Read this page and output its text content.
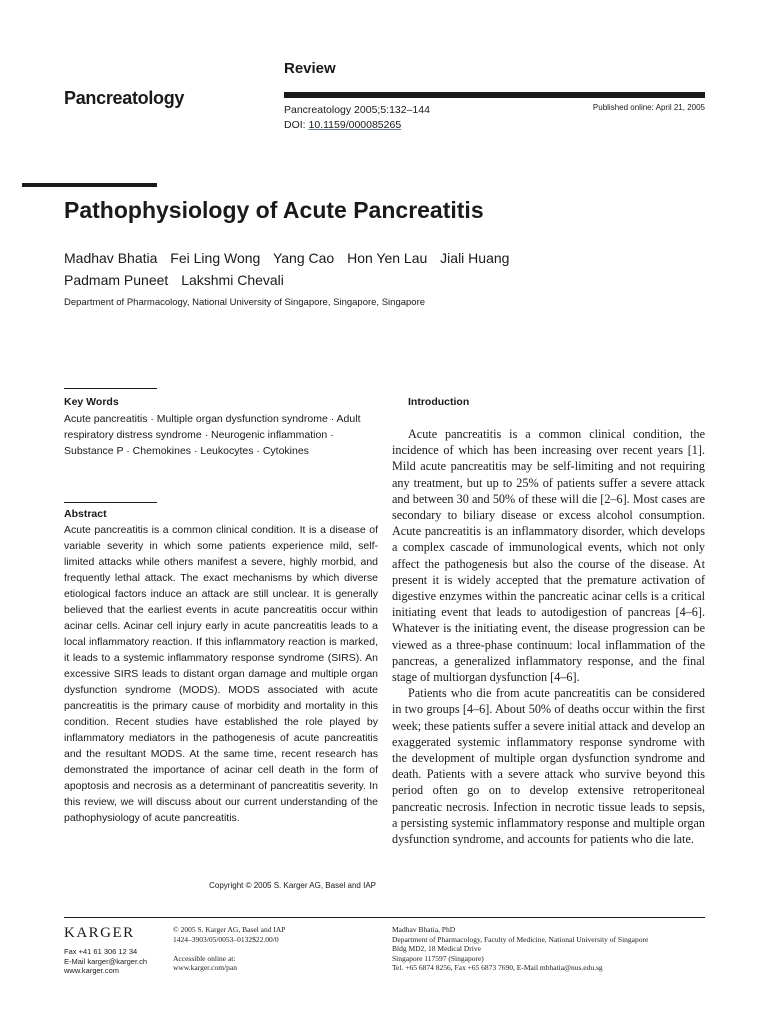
Review
Pancreatology
Pancreatology 2005;5:132–144
DOI: 10.1159/000085265
Published online: April 21, 2005
Pathophysiology of Acute Pancreatitis
Madhav Bhatia Fei Ling Wong Yang Cao Hon Yen Lau Jiali Huang
Padmam Puneet Lakshmi Chevali
Department of Pharmacology, National University of Singapore, Singapore, Singapore
Key Words
Acute pancreatitis · Multiple organ dysfunction syndrome · Adult respiratory distress syndrome · Neurogenic inflammation · Substance P · Chemokines · Leukocytes · Cytokines
Abstract

Acute pancreatitis is a common clinical condition. It is a disease of variable severity in which some patients experience mild, self-limited attacks while others manifest a severe, highly morbid, and frequently lethal attack. The exact mechanisms by which diverse etiological factors induce an attack are still unclear. It is generally believed that the earliest events in acute pancreatitis occur within acinar cells. Acinar cell injury early in acute pancreatitis leads to a local inflammatory reaction. If this inflammatory reaction is marked, it leads to a systemic inflammatory response syndrome (SIRS). An excessive SIRS leads to distant organ damage and multiple organ dysfunction syndrome (MODS). MODS associated with acute pancreatitis is the primary cause of morbidity and mortality in this condition. Recent studies have established the role played by inflammatory mediators in the pathogenesis of acute pancreatitis and the resultant MODS. At the same time, recent research has demonstrated the importance of acinar cell death in the form of apoptosis and necrosis as a determinant of pancreatitis severity. In this review, we will discuss about our current understanding of the pathophysiology of acute pancreatitis.

Copyright © 2005 S. Karger AG, Basel and IAP
Introduction

Acute pancreatitis is a common clinical condition, the incidence of which has been increasing over recent years [1]. Mild acute pancreatitis may be self-limiting and not requiring any treatment, but up to 25% of patients suffer a severe attack and between 30 and 50% of these will die [2–6]. Most cases are secondary to biliary disease or excess alcohol consumption. Acute pancreatitis is an inflammatory disorder, which develops a complex cascade of immunological events, which not only affect the pathogenesis but also the course of the disease. At present it is widely accepted that the premature activation of digestive enzymes within the pancreatic acinar cells is a critical initiating event that leads to autodigestion of pancreas [4–6]. Whatever is the initiating event, the disease progression can be viewed as a three-phase continuum: local inflammation of the pancreas, a generalized inflammatory response, and the final stage of multiorgan dysfunction [4–6].

Patients who die from acute pancreatitis can be considered in two groups [4–6]. About 50% of deaths occur within the first week; these patients suffer a severe initial attack and develop an exaggerated systemic inflammatory response syndrome with the development of multiple organ dysfunction syndrome and death. Patients with a severe attack who survive beyond this period often go on to develop extensive retroperitoneal pancreatic necrosis. Infection in necrotic tissue leads to sepsis, a persisting systemic inflammatory response and multiple organ dysfunction syndrome, and accounts for patients who die late.

KARGER
Fax +41 61 306 12 34
E-Mail karger@karger.ch
www.karger.com
© 2005 S. Karger AG, Basel and IAP
1424–3903/05/0053–0132$22.00/0

Accessible online at:
www.karger.com/pan
Madhav Bhatia, PhD
Department of Pharmacology, Faculty of Medicine, National University of Singapore
Bldg MD2, 18 Medical Drive
Singapore 117597 (Singapore)
Tel. +65 6874 8256, Fax +65 6873 7690, E-Mail mbhatia@nus.edu.sg
